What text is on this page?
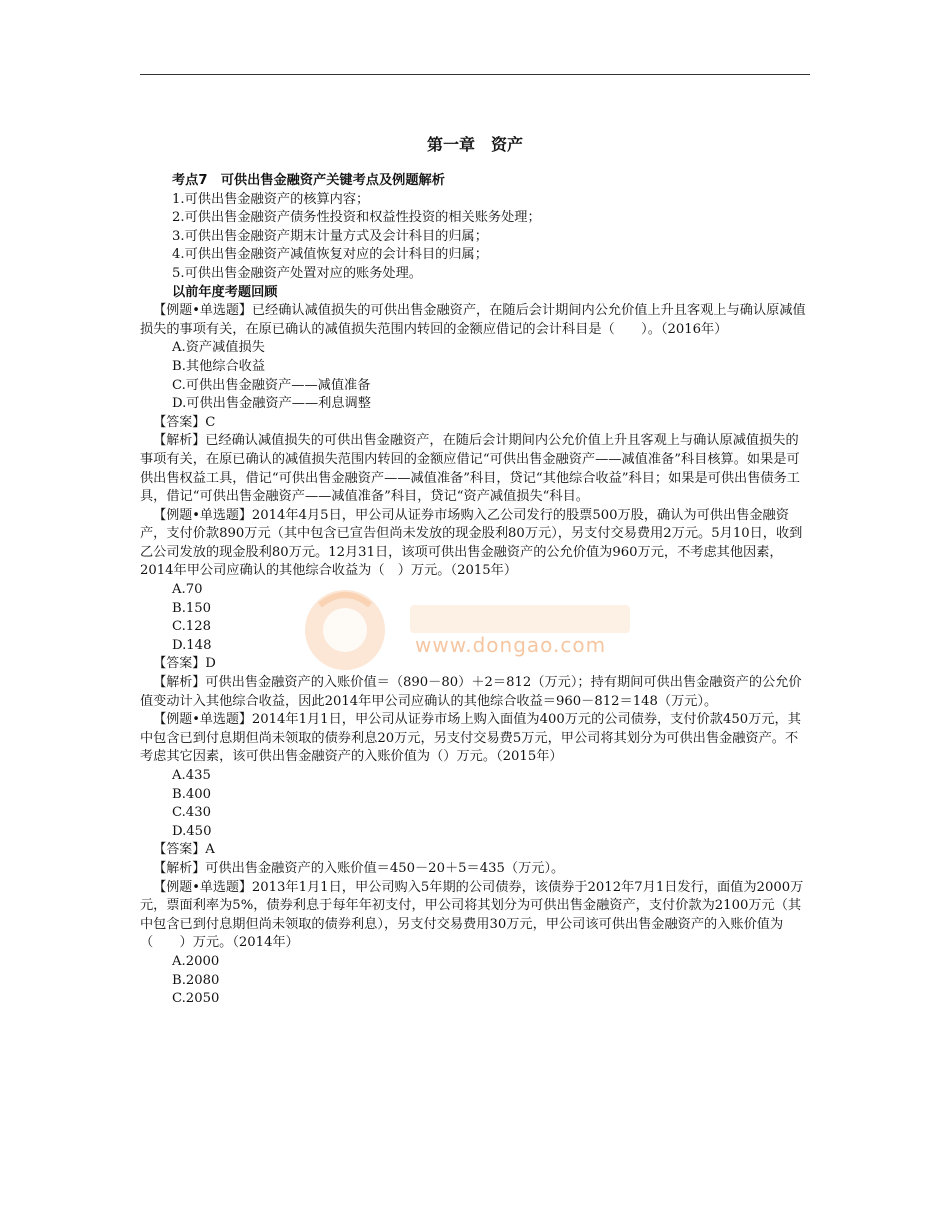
www.dongao.com
第一章　资产

考点7　可供出售金融资产关键考点及例题解析

1.可供出售金融资产的核算内容；

2.可供出售金融资产债务性投资和权益性投资的相关账务处理；

3.可供出售金融资产期末计量方式及会计科目的归属；

4.可供出售金融资产减值恢复对应的会计科目的归属；

5.可供出售金融资产处置对应的账务处理。

以前年度考题回顾

【例题•单选题】已经确认减值损失的可供出售金融资产，在随后会计期间内公允价值上升且客观上与确认原减值损失的事项有关，在原已确认的减值损失范围内转回的金额应借记的会计科目是（　　）。（2016年）

A.资产减值损失

B.其他综合收益

C.可供出售金融资产——减值准备

D.可供出售金融资产——利息调整

【答案】C

【解析】已经确认减值损失的可供出售金融资产，在随后会计期间内公允价值上升且客观上与确认原减值损失的事项有关，在原已确认的减值损失范围内转回的金额应借记“可供出售金融资产——减值准备”科目核算。如果是可供出售权益工具，借记“可供出售金融资产——减值准备”科目，贷记“其他综合收益”科目；如果是可供出售债务工具，借记“可供出售金融资产——减值准备”科目，贷记“资产减值损失“科目。

【例题•单选题】2014年4月5日，甲公司从证券市场购入乙公司发行的股票500万股，确认为可供出售金融资产，支付价款890万元（其中包含已宣告但尚未发放的现金股利80万元），另支付交易费用2万元。5月10日，收到乙公司发放的现金股利80万元。12月31日，该项可供出售金融资产的公允价值为960万元，不考虑其他因素，2014年甲公司应确认的其他综合收益为（　）万元。（2015年）

A.70

B.150

C.128

D.148

【答案】D

【解析】可供出售金融资产的入账价值＝（890－80）＋2＝812（万元）；持有期间可供出售金融资产的公允价值变动计入其他综合收益，因此2014年甲公司应确认的其他综合收益＝960－812＝148（万元）。

【例题•单选题】2014年1月1日，甲公司从证券市场上购入面值为400万元的公司债券，支付价款450万元，其中包含已到付息期但尚未领取的债券利息20万元，另支付交易费5万元，甲公司将其划分为可供出售金融资产。不考虑其它因素，该可供出售金融资产的入账价值为（）万元。（2015年）

A.435

B.400

C.430

D.450

【答案】A

【解析】可供出售金融资产的入账价值＝450－20＋5＝435（万元）。

【例题•单选题】2013年1月1日，甲公司购入5年期的公司债券，该债券于2012年7月1日发行，面值为2000万元，票面利率为5%，债券利息于每年年初支付，甲公司将其划分为可供出售金融资产，支付价款为2100万元（其中包含已到付息期但尚未领取的债券利息），另支付交易费用30万元，甲公司该可供出售金融资产的入账价值为（　　）万元。（2014年）

A.2000

B.2080

C.2050
